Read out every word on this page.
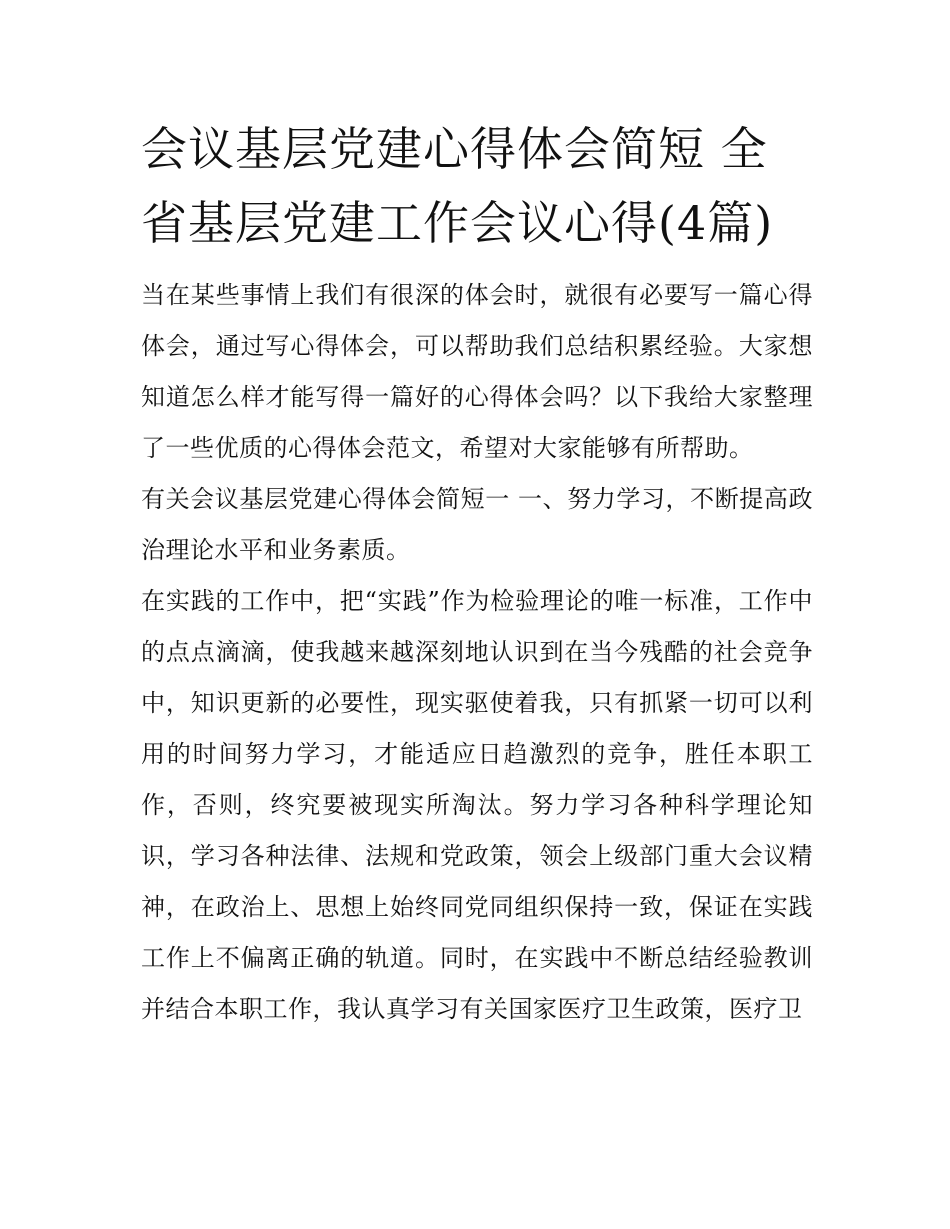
会议基层党建心得体会简短 全省基层党建工作会议心得(4篇)

当在某些事情上我们有很深的体会时，就很有必要写一篇心得体会，通过写心得体会，可以帮助我们总结积累经验。大家想知道怎么样才能写得一篇好的心得体会吗？以下我给大家整理了一些优质的心得体会范文，希望对大家能够有所帮助。

有关会议基层党建心得体会简短一 一、努力学习，不断提高政治理论水平和业务素质。

在实践的工作中，把“实践”作为检验理论的唯一标准，工作中的点点滴滴，使我越来越深刻地认识到在当今残酷的社会竞争中，知识更新的必要性，现实驱使着我，只有抓紧一切可以利用的时间努力学习，才能适应日趋激烈的竞争，胜任本职工作，否则，终究要被现实所淘汰。努力学习各种科学理论知识，学习各种法律、法规和党政策，领会上级部门重大会议精神，在政治上、思想上始终同党同组织保持一致，保证在实践工作上不偏离正确的轨道。同时，在实践中不断总结经验教训并结合本职工作，我认真学习有关国家医疗卫生政策，医疗卫
